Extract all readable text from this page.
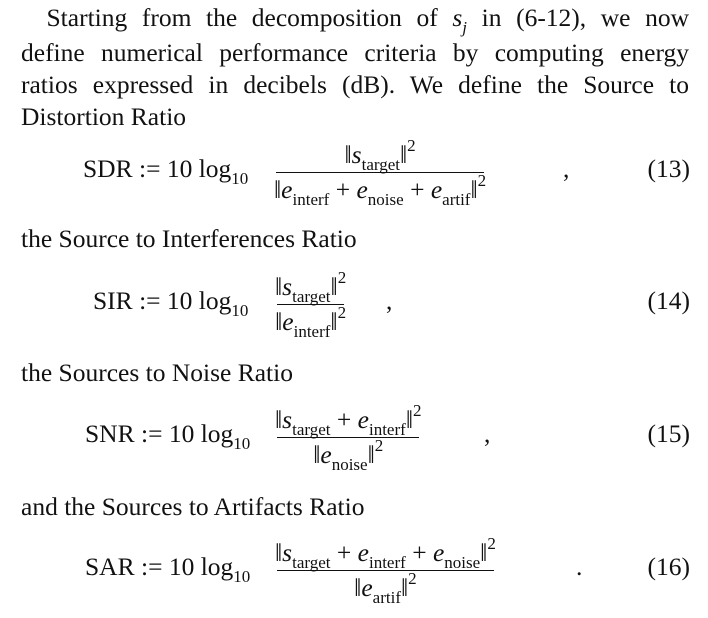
 Starting from the decomposition of ˆ $s_j$ in (6-12), we now
define numerical performance criteria by computing energy
ratios expressed in decibels (dB). We define the Source to
Distortion Ratio
SDR := 10 $\log_{10}$
$‖s_{target}‖^2$
$‖e_{interf} + e_{noise}$ + $e_{artif}‖^2$	,	(13)
the Source to Interferences Ratio
SIR := 10 $\log_{10}$
$‖s_{target}‖^2$
$‖e_{interf}‖^2$ ,	(14)
the Sources to Noise Ratio
SNR := 10 $\log_{10}$
$‖s_{target}$ + $e_{interf}‖^2$
$‖e_{noise}‖^2$	,	(15)
and the Sources to Artifacts Ratio
SAR := 10 $\log_{10}$
$‖s_{target} + e_{interf}$ + $e_{noise}‖^2$
$‖e_{artif}‖^2$	.	(16)
